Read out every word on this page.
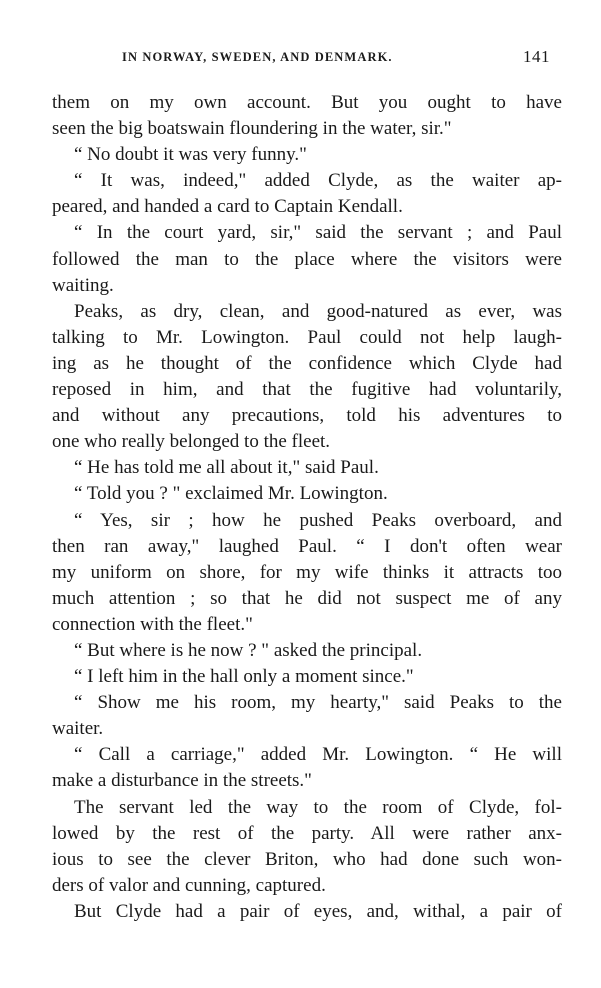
IN NORWAY, SWEDEN, AND DENMARK.	141
them on my own account. But you ought to have
seen the big boatswain floundering in the water, sir."
“ No doubt it was very funny."
“ It was, indeed," added Clyde, as the waiter ap-
peared, and handed a card to Captain Kendall.
“ In the court yard, sir," said the servant ; and Paul
followed the man to the place where the visitors were
waiting.
Peaks, as dry, clean, and good-natured as ever, was
talking to Mr. Lowington. Paul could not help laugh-
ing as he thought of the confidence which Clyde had
reposed in him, and that the fugitive had voluntarily,
and without any precautions, told his adventures to
one who really belonged to the fleet.
“ He has told me all about it," said Paul.
“ Told you ? " exclaimed Mr. Lowington.
“ Yes, sir ; how he pushed Peaks overboard, and
then ran away," laughed Paul. “ I don't often wear
my uniform on shore, for my wife thinks it attracts too
much attention ; so that he did not suspect me of any
connection with the fleet."
“ But where is he now ? " asked the principal.
“ I left him in the hall only a moment since."
“ Show me his room, my hearty," said Peaks to the
waiter.
“ Call a carriage," added Mr. Lowington. “ He will
make a disturbance in the streets."
The servant led the way to the room of Clyde, fol-
lowed by the rest of the party. All were rather anx-
ious to see the clever Briton, who had done such won-
ders of valor and cunning, captured.
But Clyde had a pair of eyes, and, withal, a pair of
